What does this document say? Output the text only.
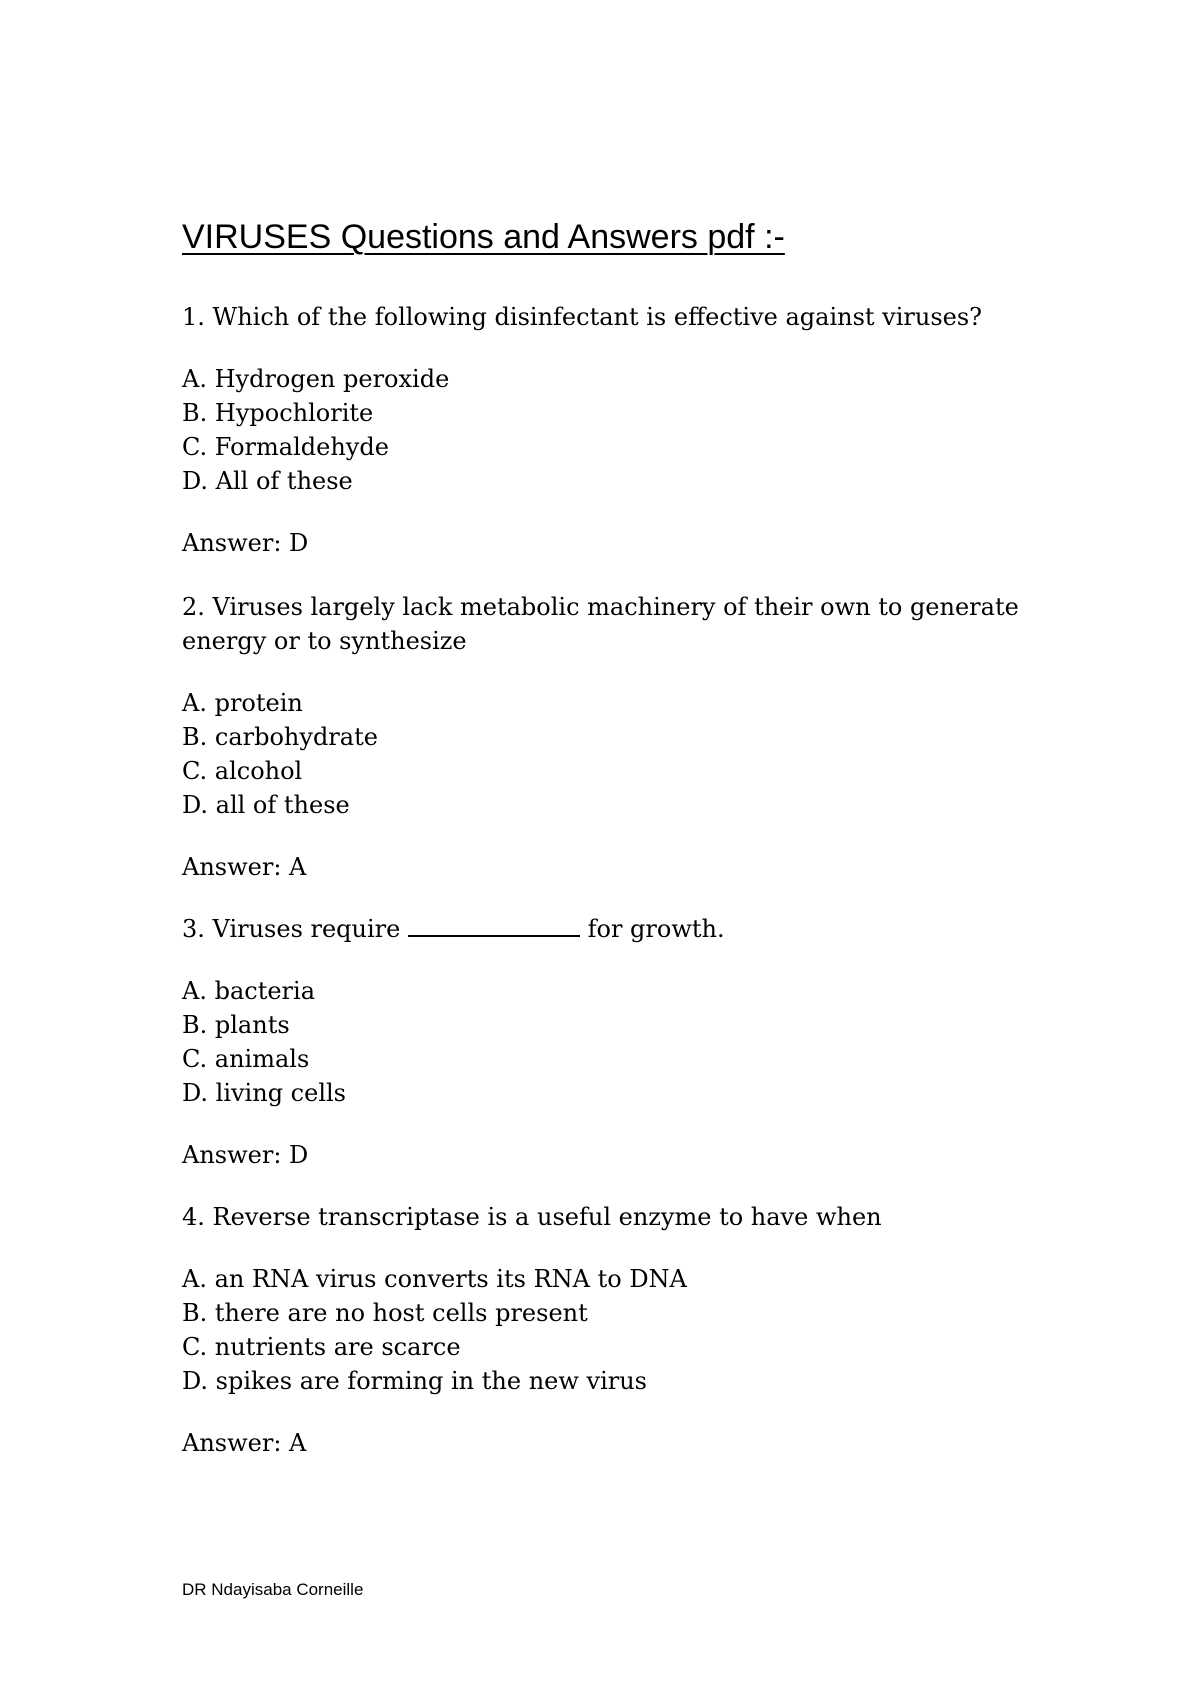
VIRUSES Questions and Answers pdf :-

1. Which of the following disinfectant is effective against viruses?

A. Hydrogen peroxide
B. Hypochlorite
C. Formaldehyde
D. All of these

Answer: D

2. Viruses largely lack metabolic machinery of their own to generate
energy or to synthesize
A. protein
B. carbohydrate
C. alcohol
D. all of these

Answer: A

3. Viruses require	for growth.

A. bacteria
B. plants
C. animals
D. living cells

Answer: D

4. Reverse transcriptase is a useful enzyme to have when

A. an RNA virus converts its RNA to DNA
B. there are no host cells present
C. nutrients are scarce
D. spikes are forming in the new virus

Answer: A

DR Ndayisaba Corneille
